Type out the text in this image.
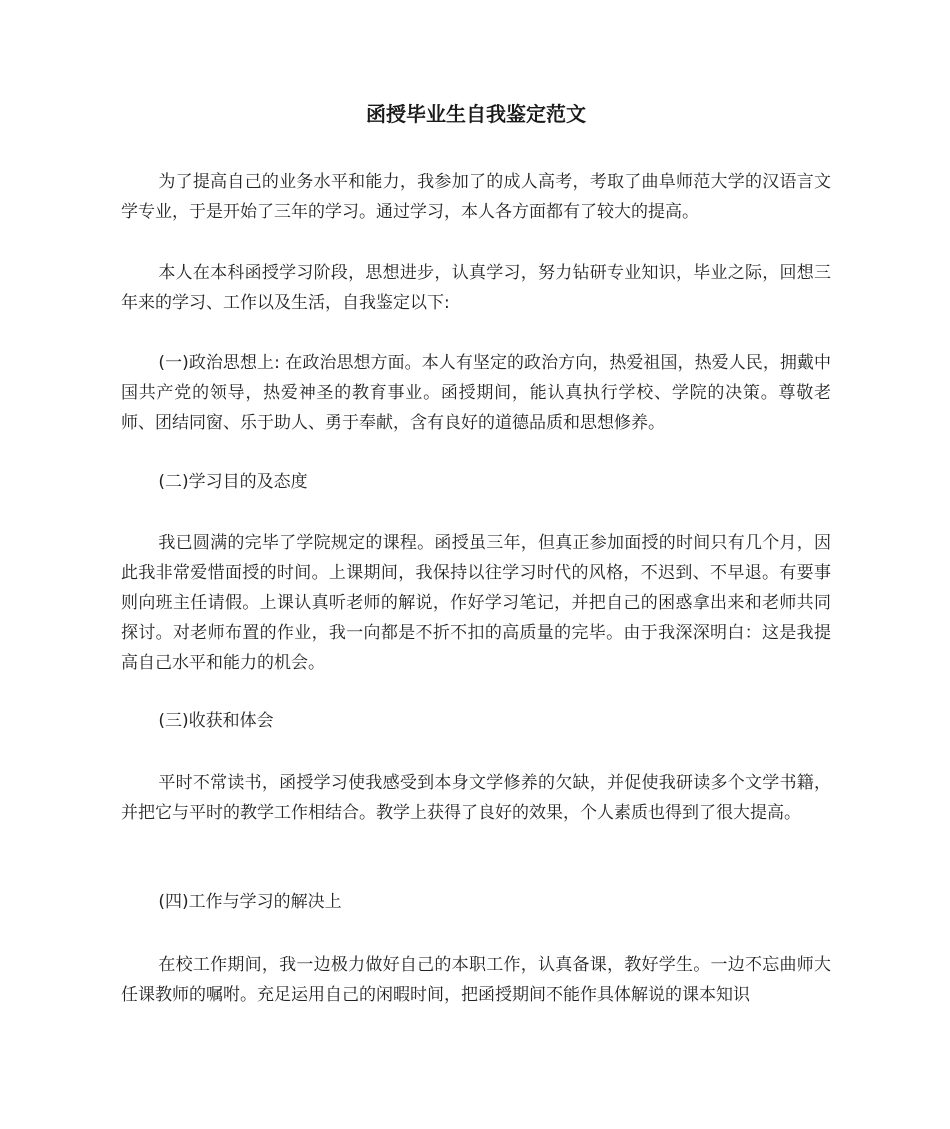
函授毕业生自我鉴定范文

为了提高自己的业务水平和能力，我参加了的成人高考，考取了曲阜师范大学的汉语言文学专业，于是开始了三年的学习。通过学习，本人各方面都有了较大的提高。

本人在本科函授学习阶段，思想进步，认真学习，努力钻研专业知识，毕业之际，回想三年来的学习、工作以及生活，自我鉴定以下:

(一)政治思想上: 在政治思想方面。本人有坚定的政治方向，热爱祖国，热爱人民，拥戴中国共产党的领导，热爱神圣的教育事业。函授期间，能认真执行学校、学院的决策。尊敬老师、团结同窗、乐于助人、勇于奉献，含有良好的道德品质和思想修养。

(二)学习目的及态度

我已圆满的完毕了学院规定的课程。函授虽三年，但真正参加面授的时间只有几个月，因此我非常爱惜面授的时间。上课期间，我保持以往学习时代的风格，不迟到、不早退。有要事则向班主任请假。上课认真听老师的解说，作好学习笔记，并把自己的困惑拿出来和老师共同探讨。对老师布置的作业，我一向都是不折不扣的高质量的完毕。由于我深深明白：这是我提高自己水平和能力的机会。

(三)收获和体会

平时不常读书，函授学习使我感受到本身文学修养的欠缺，并促使我研读多个文学书籍，并把它与平时的教学工作相结合。教学上获得了良好的效果，个人素质也得到了很大提高。

(四)工作与学习的解决上

在校工作期间，我一边极力做好自己的本职工作，认真备课，教好学生。一边不忘曲师大任课教师的嘱咐。充足运用自己的闲暇时间，把函授期间不能作具体解说的课本知识
